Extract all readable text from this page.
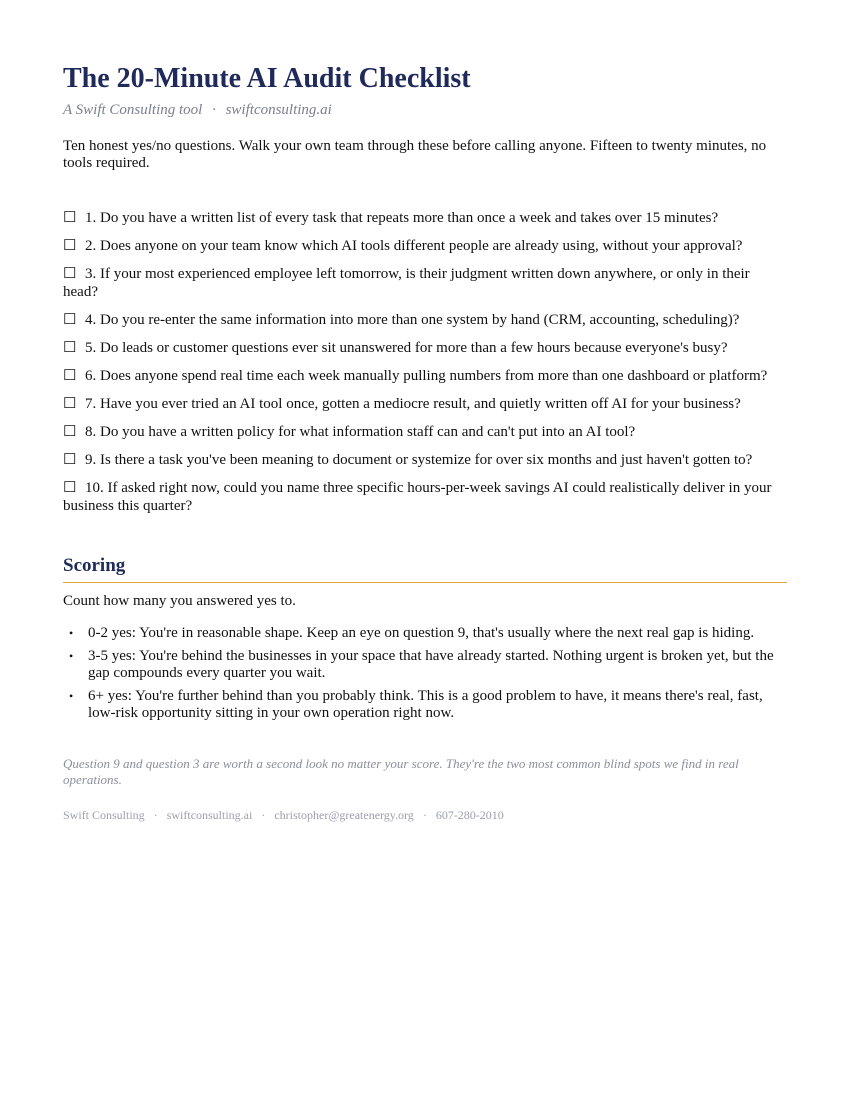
The 20-Minute AI Audit Checklist
A Swift Consulting tool · swiftconsulting.ai

Ten honest yes/no questions. Walk your own team through these before calling anyone. Fifteen to twenty minutes, no tools required.

☐ 1. Do you have a written list of every task that repeats more than once a week and takes over 15 minutes?
☐ 2. Does anyone on your team know which AI tools different people are already using, without your approval?
☐ 3. If your most experienced employee left tomorrow, is their judgment written down anywhere, or only in their head?
☐ 4. Do you re-enter the same information into more than one system by hand (CRM, accounting, scheduling)?
☐ 5. Do leads or customer questions ever sit unanswered for more than a few hours because everyone's busy?
☐ 6. Does anyone spend real time each week manually pulling numbers from more than one dashboard or platform?
☐ 7. Have you ever tried an AI tool once, gotten a mediocre result, and quietly written off AI for your business?
☐ 8. Do you have a written policy for what information staff can and can't put into an AI tool?
☐ 9. Is there a task you've been meaning to document or systemize for over six months and just haven't gotten to?
☐ 10. If asked right now, could you name three specific hours-per-week savings AI could realistically deliver in your business this quarter?
Scoring

Count how many you answered yes to.

• 0-2 yes: You're in reasonable shape. Keep an eye on question 9, that's usually where the next real gap is hiding.
• 3-5 yes: You're behind the businesses in your space that have already started. Nothing urgent is broken yet, but the gap compounds every quarter you wait.
• 6+ yes: You're further behind than you probably think. This is a good problem to have, it means there's real, fast, low-risk opportunity sitting in your own operation right now.

Question 9 and question 3 are worth a second look no matter your score. They're the two most common blind spots we find in real operations.

Swift Consulting · swiftconsulting.ai · christopher@greatenergy.org · 607-280-2010
